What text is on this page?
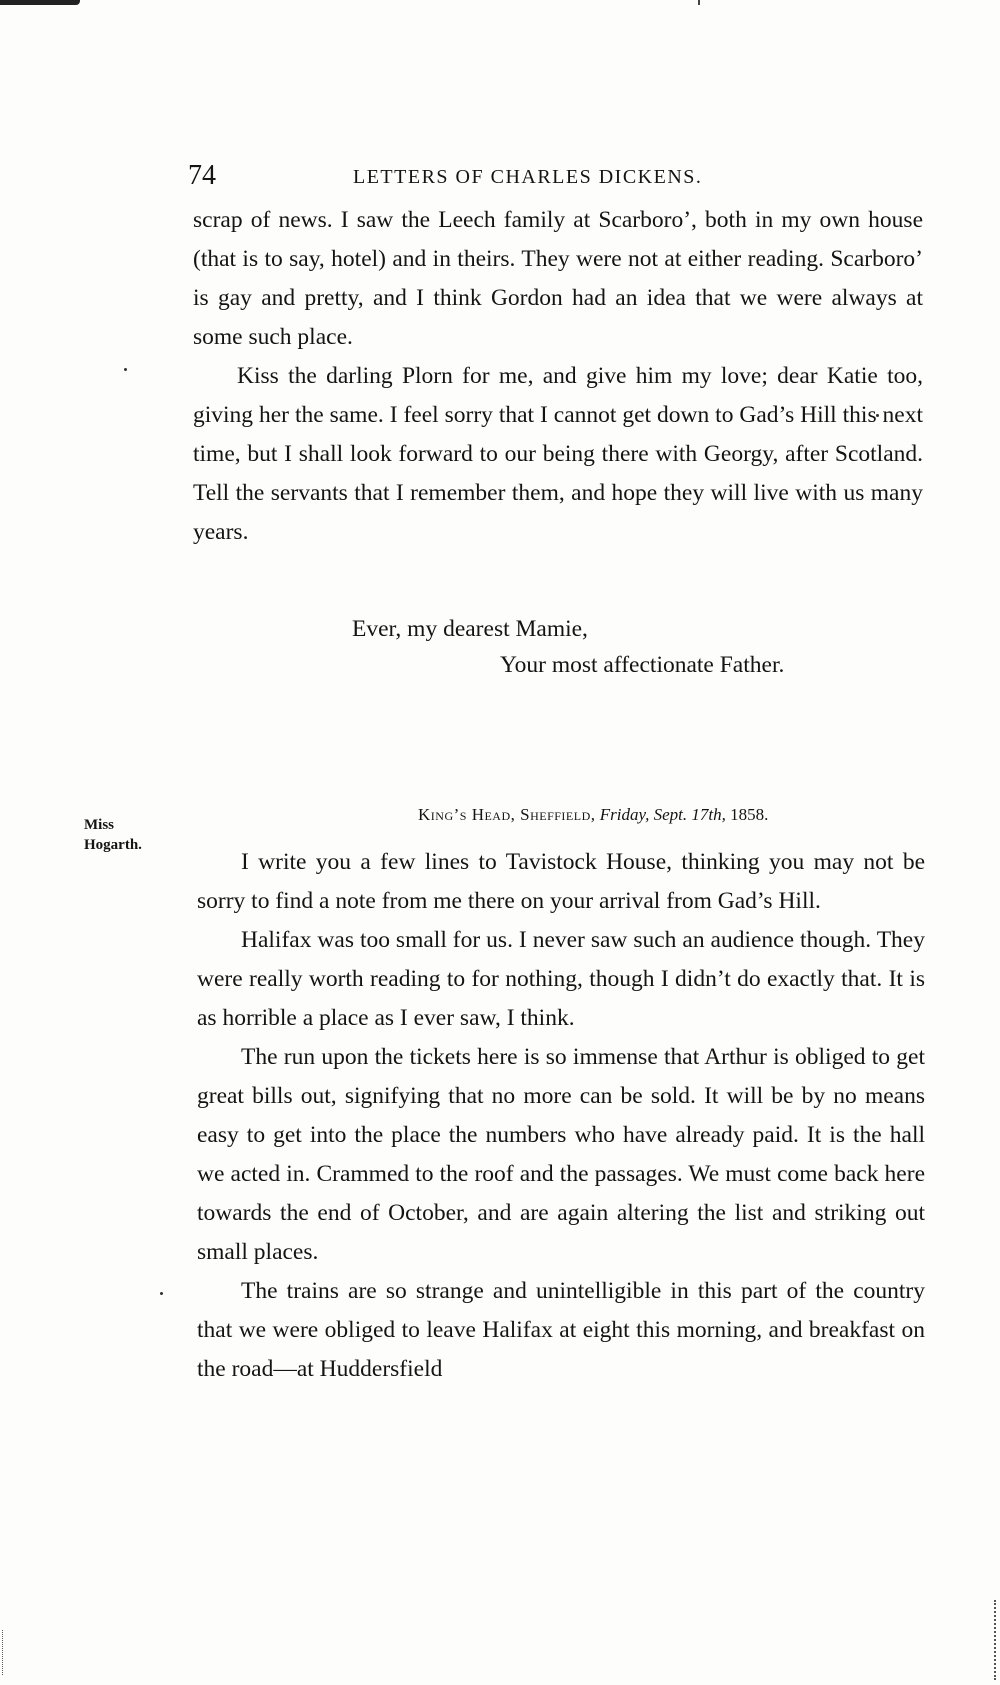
74	LETTERS OF CHARLES DICKENS.

scrap of news. I saw the Leech family at Scarboro’, both in my own house (that is to say, hotel) and in theirs. They were not at either reading. Scarboro’ is gay and pretty, and I think Gordon had an idea that we were always at some such place.

Kiss the darling Plorn for me, and give him my love; dear Katie too, giving her the same. I feel sorry that I cannot get down to Gad’s Hill this next time, but I shall look forward to our being there with Georgy, after Scotland. Tell the servants that I remember them, and hope they will live with us many years.

Ever, my dearest Mamie,
Your most affectionate Father.
Miss
Hogarth.
King’s Head, Sheffield, Friday, Sept. 17th, 1858.

I write you a few lines to Tavistock House, thinking you may not be sorry to find a note from me there on your arrival from Gad’s Hill.

Halifax was too small for us. I never saw such an audience though. They were really worth reading to for nothing, though I didn’t do exactly that. It is as horrible a place as I ever saw, I think.

The run upon the tickets here is so immense that Arthur is obliged to get great bills out, signifying that no more can be sold. It will be by no means easy to get into the place the numbers who have already paid. It is the hall we acted in. Crammed to the roof and the passages. We must come back here towards the end of October, and are again altering the list and striking out small places.

The trains are so strange and unintelligible in this part of the country that we were obliged to leave Halifax at eight this morning, and breakfast on the road—at Huddersfield
